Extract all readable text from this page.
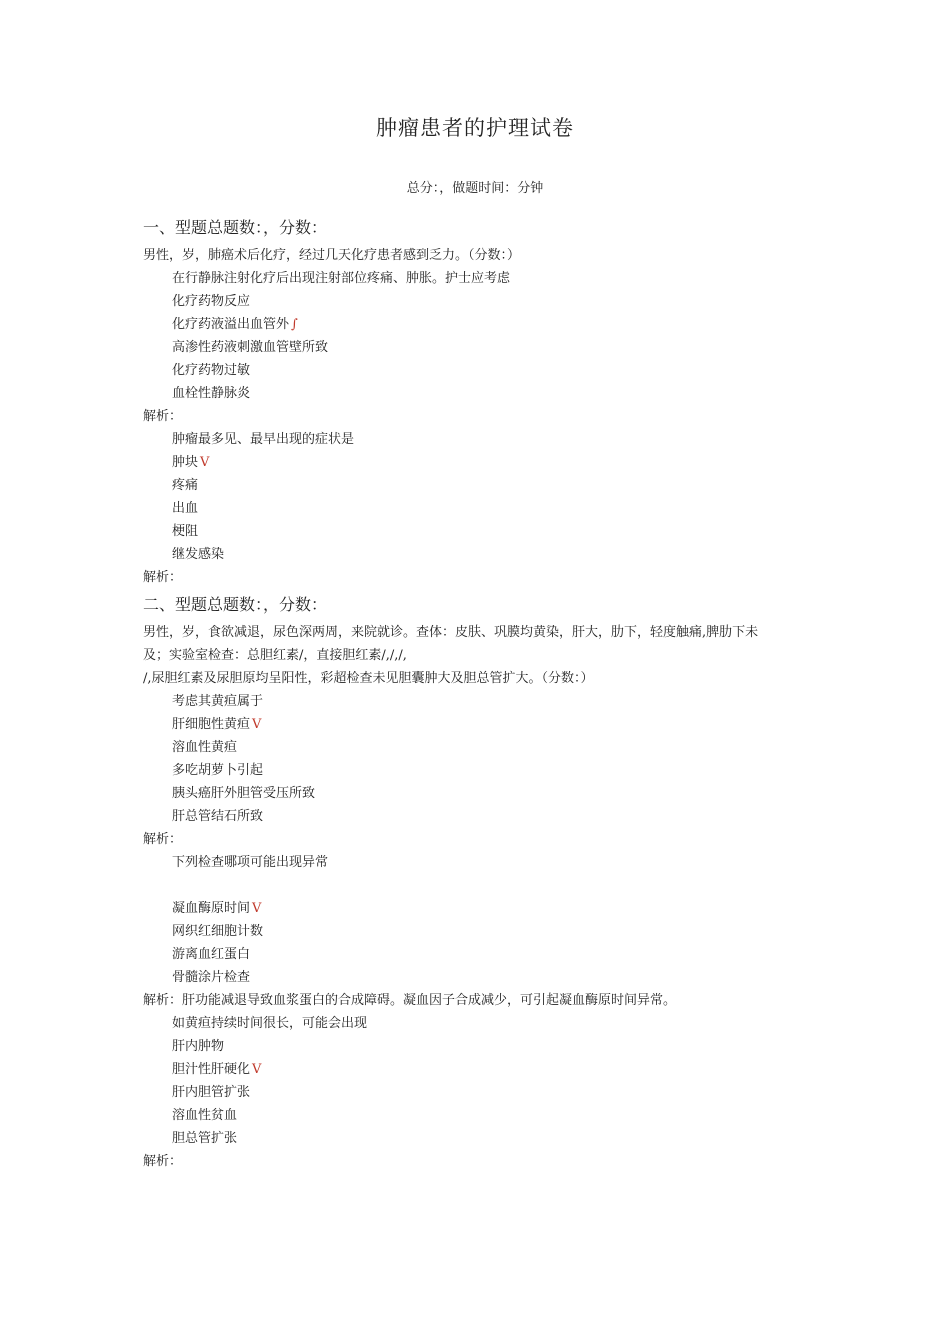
肿瘤患者的护理试卷
总分：，做题时间：分钟
一、型题总题数：，分数：
男性，岁，肺癌术后化疗，经过几天化疗患者感到乏力。（分数：）
在行静脉注射化疗后出现注射部位疼痛、肿胀。护士应考虑
化疗药物反应
化疗药液溢出血管外 ∫
高渗性药液刺激血管壁所致
化疗药物过敏
血栓性静脉炎
解析：
肿瘤最多见、最早出现的症状是
肿块 V
疼痛
出血
梗阻
继发感染
解析：
二、型题总题数：，分数：
男性，岁，食欲减退，尿色深两周，来院就诊。查体：皮肤、巩膜均黄染，肝大，肋下，轻度触痛,脾肋下未
及；实验室检查：总胆红素/，直接胆红素/,/,/,
/,尿胆红素及尿胆原均呈阳性，彩超检查未见胆囊肿大及胆总管扩大。（分数：）
考虑其黄疸属于
肝细胞性黄疸 V
溶血性黄疸
多吃胡萝卜引起
胰头癌肝外胆管受压所致
肝总管结石所致
解析：
下列检查哪项可能出现异常
凝血酶原时间 V
网织红细胞计数
游离血红蛋白
骨髓涂片检查
解析：肝功能减退导致血浆蛋白的合成障碍。凝血因子合成减少，可引起凝血酶原时间异常。
如黄疸持续时间很长，可能会出现
肝内肿物
胆汁性肝硬化 V
肝内胆管扩张
溶血性贫血
胆总管扩张
解析：
